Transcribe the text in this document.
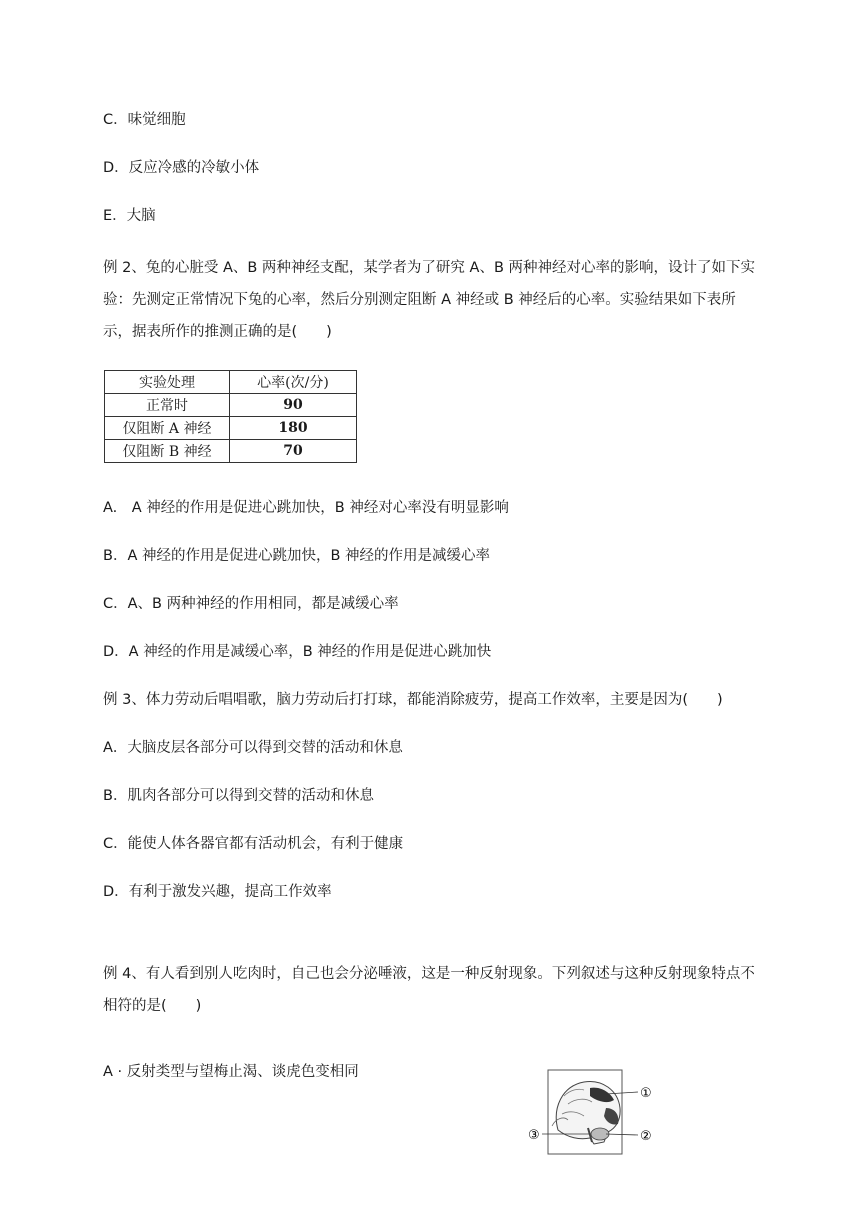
C．味觉细胞
D．反应冷感的冷敏小体
E．大脑
例 2、兔的心脏受 A、B 两种神经支配，某学者为了研究 A、B 两种神经对心率的影响，设计了如下实验：先测定正常情况下兔的心率，然后分别测定阻断 A 神经或 B 神经后的心率。实验结果如下表所示，据表所作的推测正确的是(　　)
实验处理	心率(次/分)
正常时	90
仅阻断 A 神经	180
仅阻断 B 神经	70
A.　A 神经的作用是促进心跳加快，B 神经对心率没有明显影响
B．A 神经的作用是促进心跳加快，B 神经的作用是减缓心率
C．A、B 两种神经的作用相同，都是减缓心率
D．A 神经的作用是减缓心率，B 神经的作用是促进心跳加快
例 3、体力劳动后唱唱歌，脑力劳动后打打球，都能消除疲劳，提高工作效率，主要是因为(　　)
A．大脑皮层各部分可以得到交替的活动和休息
B．肌肉各部分可以得到交替的活动和休息
C．能使人体各器官都有活动机会，有利于健康
D．有利于激发兴趣，提高工作效率
例 4、有人看到别人吃肉时，自己也会分泌唾液，这是一种反射现象。下列叙述与这种反射现象特点不相符的是(　　)
A · 反射类型与望梅止渴、谈虎色变相同
①
②
③
